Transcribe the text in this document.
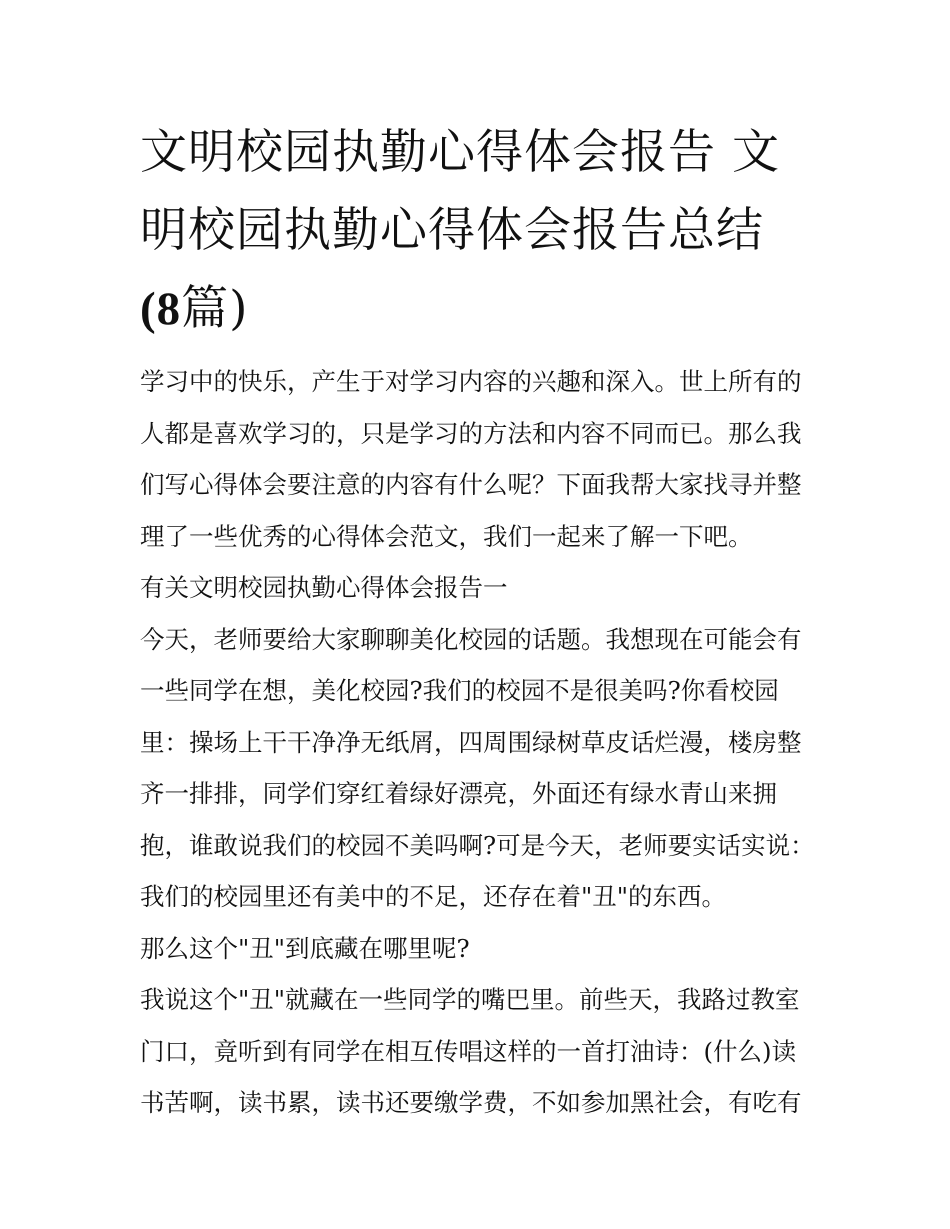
文明校园执勤心得体会报告 文明校园执勤心得体会报告总结
(8篇)

学习中的快乐，产生于对学习内容的兴趣和深入。世上所有的人都是喜欢学习的，只是学习的方法和内容不同而已。那么我们写心得体会要注意的内容有什么呢？下面我帮大家找寻并整理了一些优秀的心得体会范文，我们一起来了解一下吧。

有关文明校园执勤心得体会报告一

今天，老师要给大家聊聊美化校园的话题。我想现在可能会有一些同学在想，美化校园?我们的校园不是很美吗?你看校园里：操场上干干净净无纸屑，四周围绿树草皮话烂漫，楼房整齐一排排，同学们穿红着绿好漂亮，外面还有绿水青山来拥抱，谁敢说我们的校园不美吗啊?可是今天，老师要实话实说：我们的校园里还有美中的不足，还存在着"丑"的东西。

那么这个"丑"到底藏在哪里呢?

我说这个"丑"就藏在一些同学的嘴巴里。前些天，我路过教室门口，竟听到有同学在相互传唱这样的一首打油诗：(什么)读书苦啊，读书累，读书还要缴学费，不如参加黑社会，有吃有
